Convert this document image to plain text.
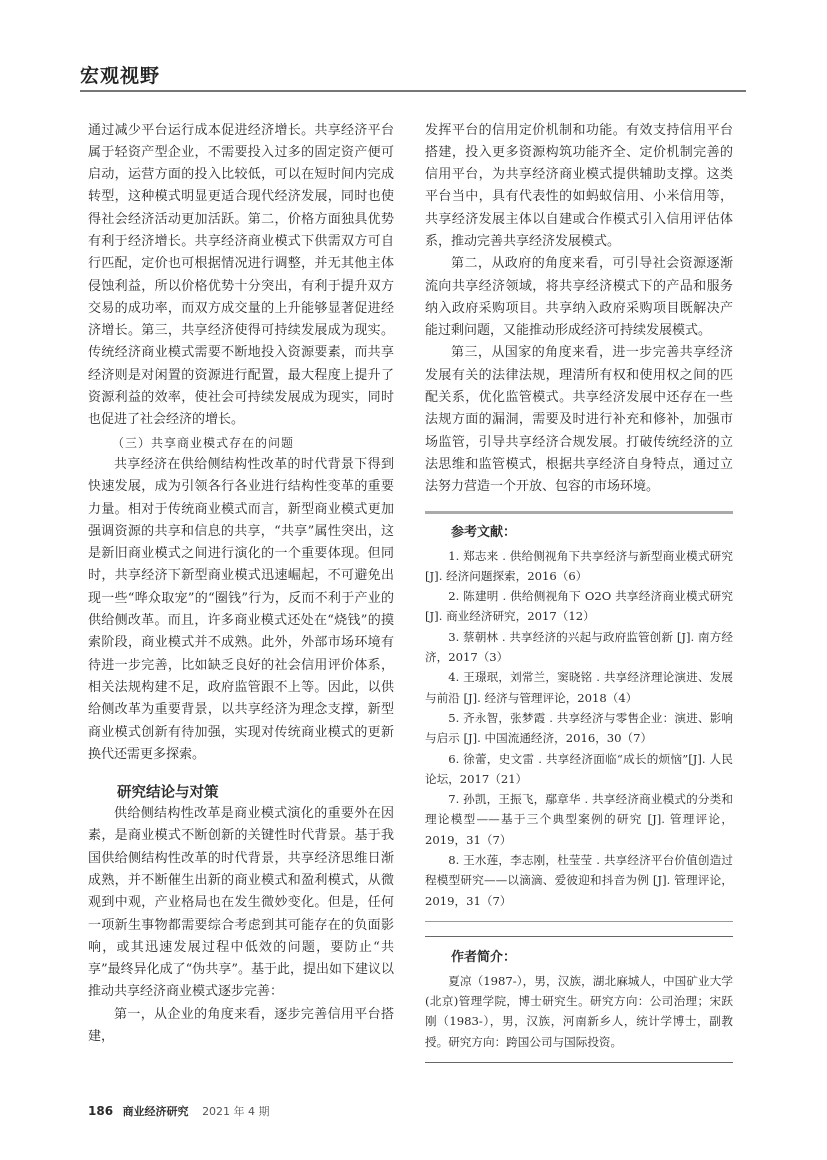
宏观视野

通过减少平台运行成本促进经济增长。共享经济平台属于轻资产型企业，不需要投入过多的固定资产便可启动，运营方面的投入比较低，可以在短时间内完成转型，这种模式明显更适合现代经济发展，同时也使得社会经济活动更加活跃。第二，价格方面独具优势有利于经济增长。共享经济商业模式下供需双方可自行匹配，定价也可根据情况进行调整，并无其他主体侵蚀利益，所以价格优势十分突出，有利于提升双方交易的成功率，而双方成交量的上升能够显著促进经济增长。第三，共享经济使得可持续发展成为现实。传统经济商业模式需要不断地投入资源要素，而共享经济则是对闲置的资源进行配置，最大程度上提升了资源利益的效率，使社会可持续发展成为现实，同时也促进了社会经济的增长。

（三）共享商业模式存在的问题

共享经济在供给侧结构性改革的时代背景下得到快速发展，成为引领各行各业进行结构性变革的重要力量。相对于传统商业模式而言，新型商业模式更加强调资源的共享和信息的共享，“共享”属性突出，这是新旧商业模式之间进行演化的一个重要体现。但同时，共享经济下新型商业模式迅速崛起，不可避免出现一些“哗众取宠”的“圈钱”行为，反而不利于产业的供给侧改革。而且，许多商业模式还处在“烧钱”的摸索阶段，商业模式并不成熟。此外，外部市场环境有待进一步完善，比如缺乏良好的社会信用评价体系，相关法规构建不足，政府监管跟不上等。因此，以供给侧改革为重要背景，以共享经济为理念支撑，新型商业模式创新有待加强，实现对传统商业模式的更新换代还需更多探索。

研究结论与对策

供给侧结构性改革是商业模式演化的重要外在因素，是商业模式不断创新的关键性时代背景。基于我国供给侧结构性改革的时代背景，共享经济思维日渐成熟，并不断催生出新的商业模式和盈利模式，从微观到中观，产业格局也在发生微妙变化。但是，任何一项新生事物都需要综合考虑到其可能存在的负面影响，或其迅速发展过程中低效的问题，要防止“共享”最终异化成了“伪共享”。基于此，提出如下建议以推动共享经济商业模式逐步完善：

第一，从企业的角度来看，逐步完善信用平台搭建，

发挥平台的信用定价机制和功能。有效支持信用平台搭建，投入更多资源构筑功能齐全、定价机制完善的信用平台，为共享经济商业模式提供辅助支撑。这类平台当中，具有代表性的如蚂蚁信用、小米信用等，共享经济发展主体以自建或合作模式引入信用评估体系，推动完善共享经济发展模式。

第二，从政府的角度来看，可引导社会资源逐渐流向共享经济领域，将共享经济模式下的产品和服务纳入政府采购项目。共享纳入政府采购项目既解决产能过剩问题，又能推动形成经济可持续发展模式。

第三，从国家的角度来看，进一步完善共享经济发展有关的法律法规，理清所有权和使用权之间的匹配关系，优化监管模式。共享经济发展中还存在一些法规方面的漏洞，需要及时进行补充和修补，加强市场监管，引导共享经济合规发展。打破传统经济的立法思维和监管模式，根据共享经济自身特点，通过立法努力营造一个开放、包容的市场环境。

参考文献：

1. 郑志来 . 供给侧视角下共享经济与新型商业模式研究 [J]. 经济问题探索，2016（6）

2. 陈建明 . 供给侧视角下 O2O 共享经济商业模式研究 [J]. 商业经济研究，2017（12）

3. 蔡朝林 . 共享经济的兴起与政府监管创新 [J]. 南方经济，2017（3）

4. 王璟珉，刘常兰，窦晓铭 . 共享经济理论演进、发展与前沿 [J]. 经济与管理评论，2018（4）

5. 齐永智，张梦霞 . 共享经济与零售企业：演进、影响与启示 [J]. 中国流通经济，2016，30（7）

6. 徐蕾，史文雷 . 共享经济面临“成长的烦恼”[J]. 人民论坛，2017（21）

7. 孙凯，王振飞，鄢章华 . 共享经济商业模式的分类和理论模型——基于三个典型案例的研究 [J]. 管理评论，2019，31（7）

8. 王水莲，李志刚，杜莹莹 . 共享经济平台价值创造过程模型研究——以滴滴、爱彼迎和抖音为例 [J]. 管理评论，2019，31（7）

作者简介：

夏凉（1987-），男，汉族，湖北麻城人，中国矿业大学(北京)管理学院，博士研究生。研究方向：公司治理；宋跃刚（1983-），男，汉族，河南新乡人，统计学博士，副教授。研究方向：跨国公司与国际投资。

186 商业经济研究 2021 年 4 期
